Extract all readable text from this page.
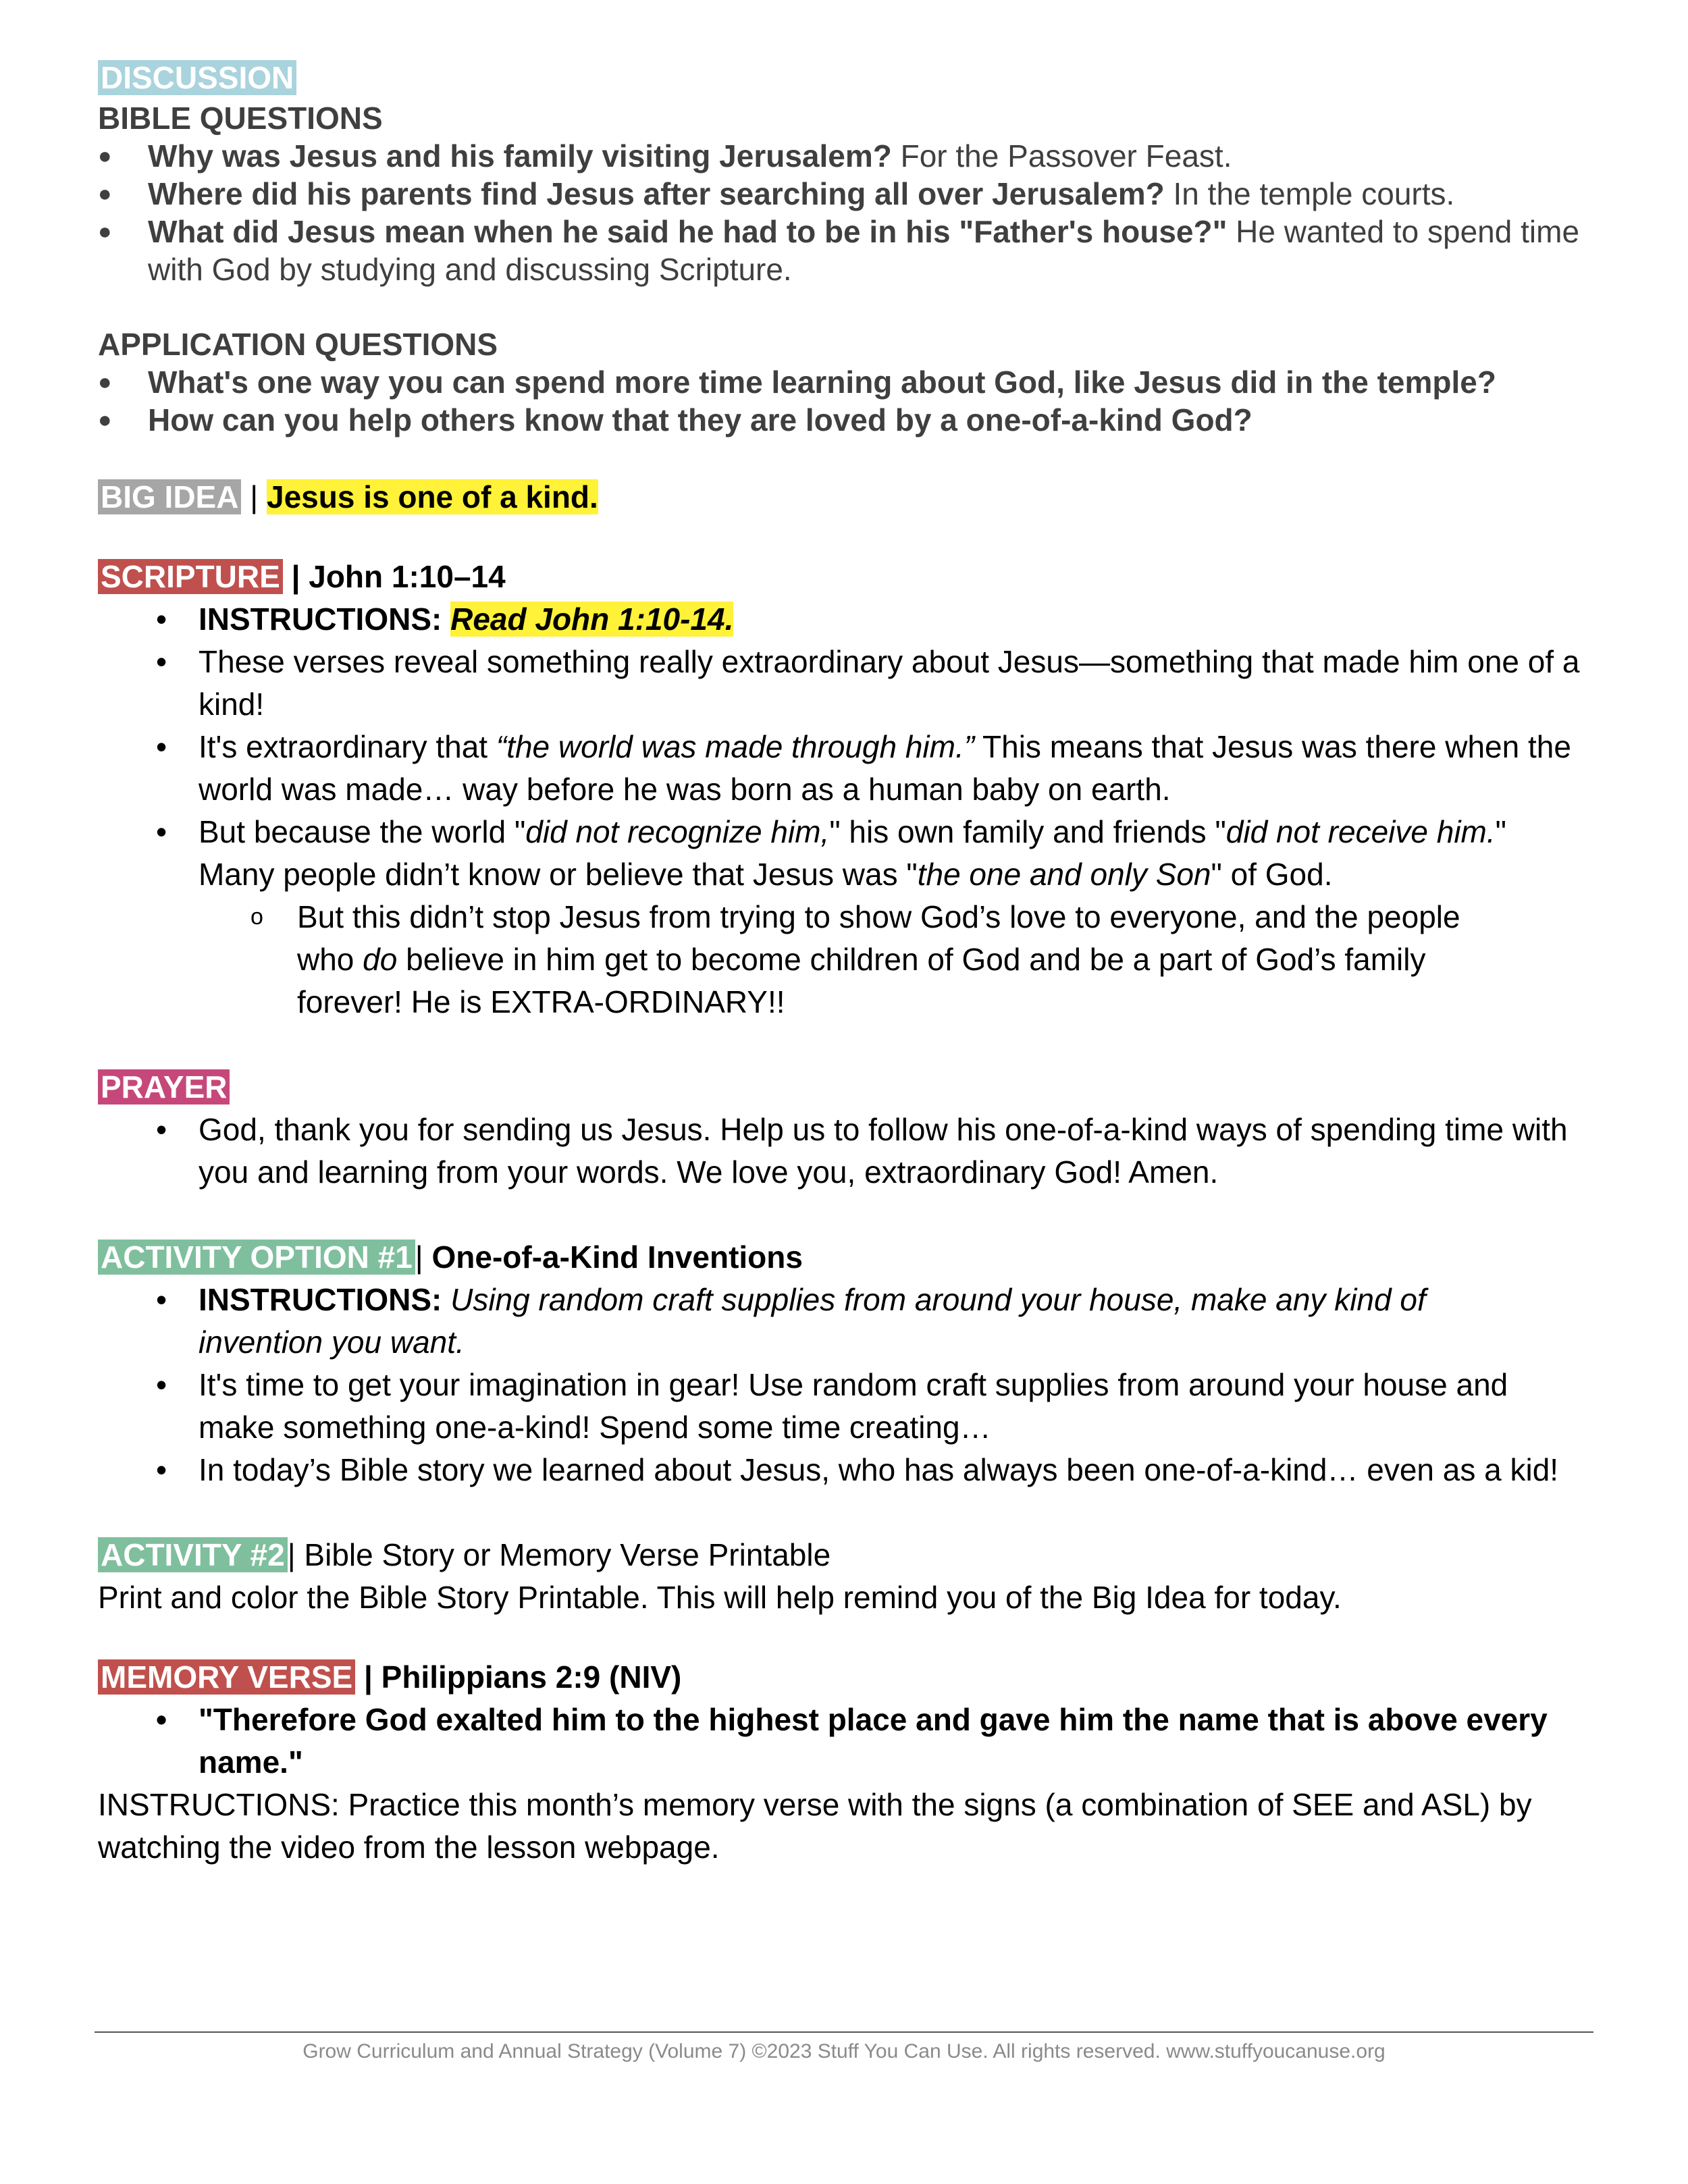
DISCUSSION
BIBLE QUESTIONS
● Why was Jesus and his family visiting Jerusalem? For the Passover Feast.
● Where did his parents find Jesus after searching all over Jerusalem? In the temple courts.
● What did Jesus mean when he said he had to be in his "Father's house?" He wanted to spend time with God by studying and discussing Scripture.
APPLICATION QUESTIONS
● What's one way you can spend more time learning about God, like Jesus did in the temple?
● How can you help others know that they are loved by a one-of-a-kind God?
BIG IDEA | Jesus is one of a kind.
SCRIPTURE | John 1:10–14
• INSTRUCTIONS: Read John 1:10-14.
• These verses reveal something really extraordinary about Jesus—something that made him one of a kind!
• It's extraordinary that “the world was made through him.” This means that Jesus was there when the world was made… way before he was born as a human baby on earth.
• But because the world "did not recognize him," his own family and friends "did not receive him." Many people didn’t know or believe that Jesus was "the one and only Son" of God.
o But this didn’t stop Jesus from trying to show God’s love to everyone, and the people who do believe in him get to become children of God and be a part of God’s family forever! He is EXTRA-ORDINARY!!
PRAYER
• God, thank you for sending us Jesus. Help us to follow his one-of-a-kind ways of spending time with you and learning from your words. We love you, extraordinary God! Amen.
ACTIVITY OPTION #1| One-of-a-Kind Inventions
• INSTRUCTIONS: Using random craft supplies from around your house, make any kind of invention you want.
• It's time to get your imagination in gear! Use random craft supplies from around your house and make something one-a-kind! Spend some time creating…
• In today’s Bible story we learned about Jesus, who has always been one-of-a-kind… even as a kid!
ACTIVITY #2| Bible Story or Memory Verse Printable
Print and color the Bible Story Printable. This will help remind you of the Big Idea for today.
MEMORY VERSE | Philippians 2:9 (NIV)
• "Therefore God exalted him to the highest place and gave him the name that is above every name."
INSTRUCTIONS: Practice this month’s memory verse with the signs (a combination of SEE and ASL) by watching the video from the lesson webpage.
Grow Curriculum and Annual Strategy (Volume 7) ©2023 Stuff You Can Use. All rights reserved. www.stuffyoucanuse.org
